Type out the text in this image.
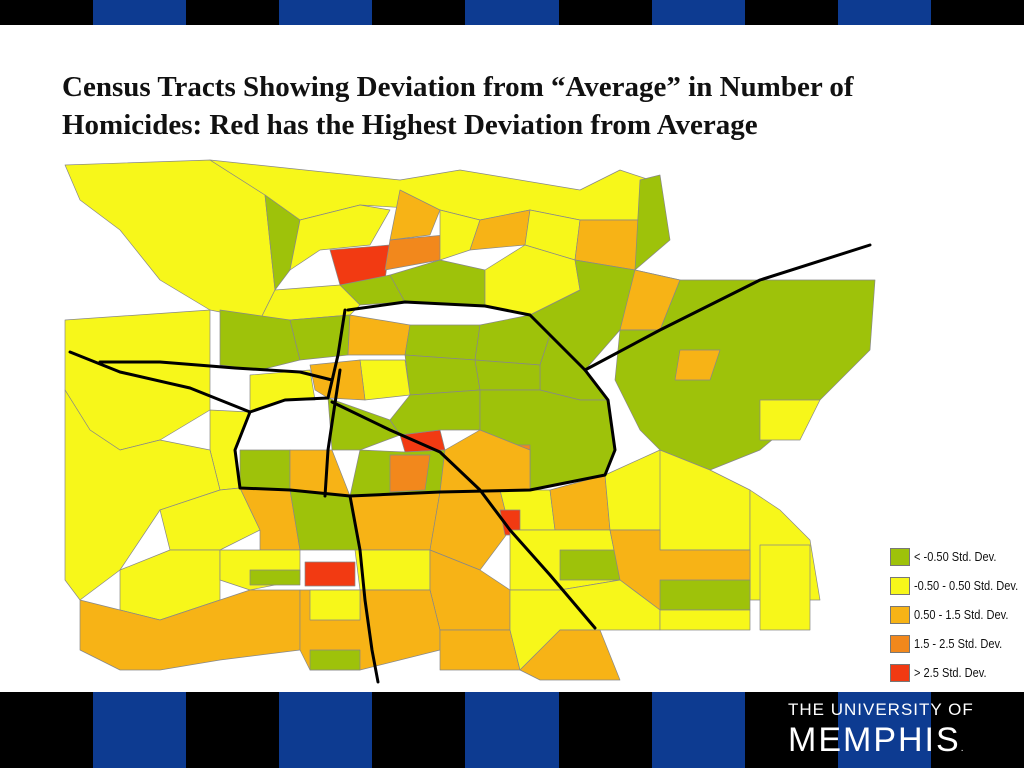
Census Tracts Showing Deviation from “Average” in Number of Homicides: Red has the Highest Deviation from Average
< -0.50 Std. Dev.
-0.50 - 0.50 Std. Dev.
0.50 - 1.5 Std. Dev.
1.5 - 2.5 Std. Dev.
> 2.5 Std. Dev.
THE UNIVERSITY OF
MEMPHIS.
